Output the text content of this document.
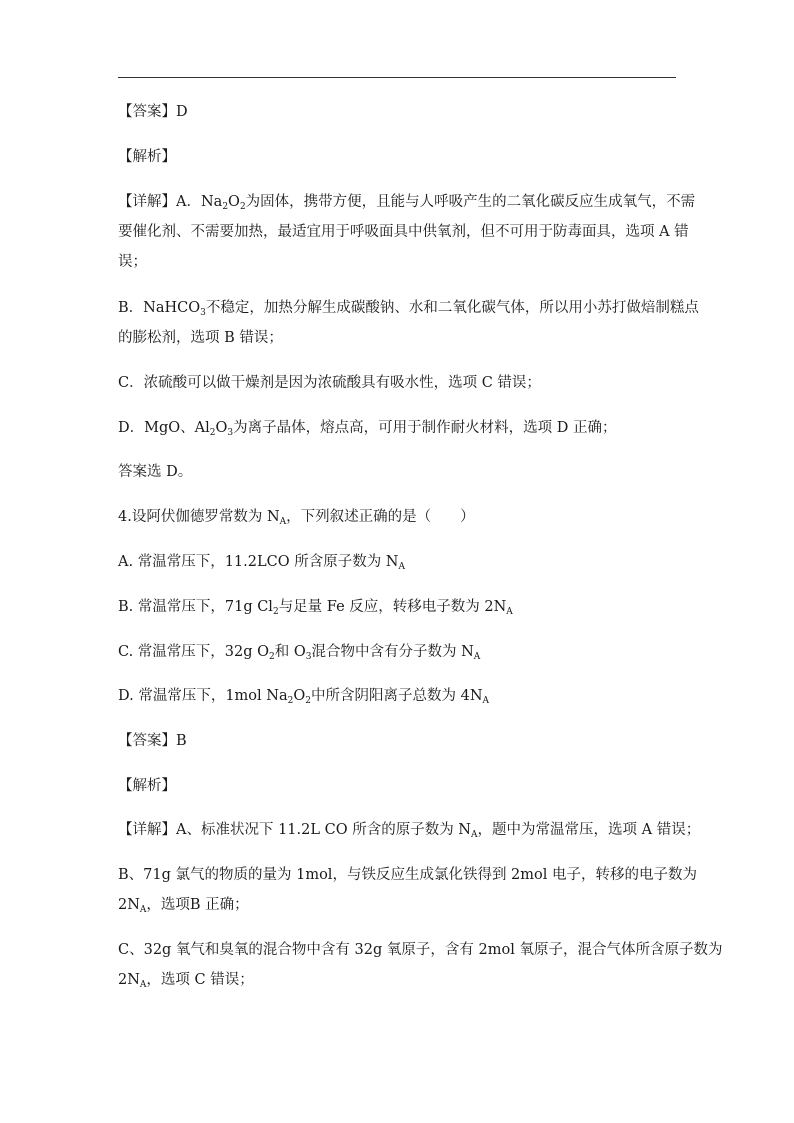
【答案】D
【解析】
【详解】A．$Na_2O_2$为固体，携带方便，且能与人呼吸产生的二氧化碳反应生成氧气，不需
要催化剂、不需要加热，最适宜用于呼吸面具中供氧剂，但不可用于防毒面具，选项 A 错
误；
B．NaHCO$_3$不稳定，加热分解生成碳酸钠、水和二氧化碳气体，所以用小苏打做焙制糕点
的膨松剂，选项 B 错误；
C．浓硫酸可以做干燥剂是因为浓硫酸具有吸水性，选项 C 错误；
D．MgO、$Al_2O_3$为离子晶体，熔点高，可用于制作耐火材料，选项 D 正确；
答案选 D。
4.设阿伏伽德罗常数为 $N_A$，下列叙述正确的是（　　）
A. 常温常压下，11.2LCO 所含原子数为 $N_A$
B. 常温常压下，71g $Cl_2$与足量 Fe 反应，转移电子数为 $2N_A$
C. 常温常压下，32g $O_2$和 $O_3$混合物中含有分子数为 $N_A$
D. 常温常压下，1mol $Na_2O_2$中所含阴阳离子总数为 $4N_A$
【答案】B
【解析】
【详解】A、标准状况下 11.2L CO 所含的原子数为 $N_A$，题中为常温常压，选项 A 错误；
B、71g 氯气的物质的量为 1mol，与铁反应生成氯化铁得到 2mol 电子，转移的电子数为
$2N_A$，选项B 正确；
C、32g 氧气和臭氧的混合物中含有 32g 氧原子，含有 2mol 氧原子，混合气体所含原子数为
$2N_A$，选项 C 错误；
